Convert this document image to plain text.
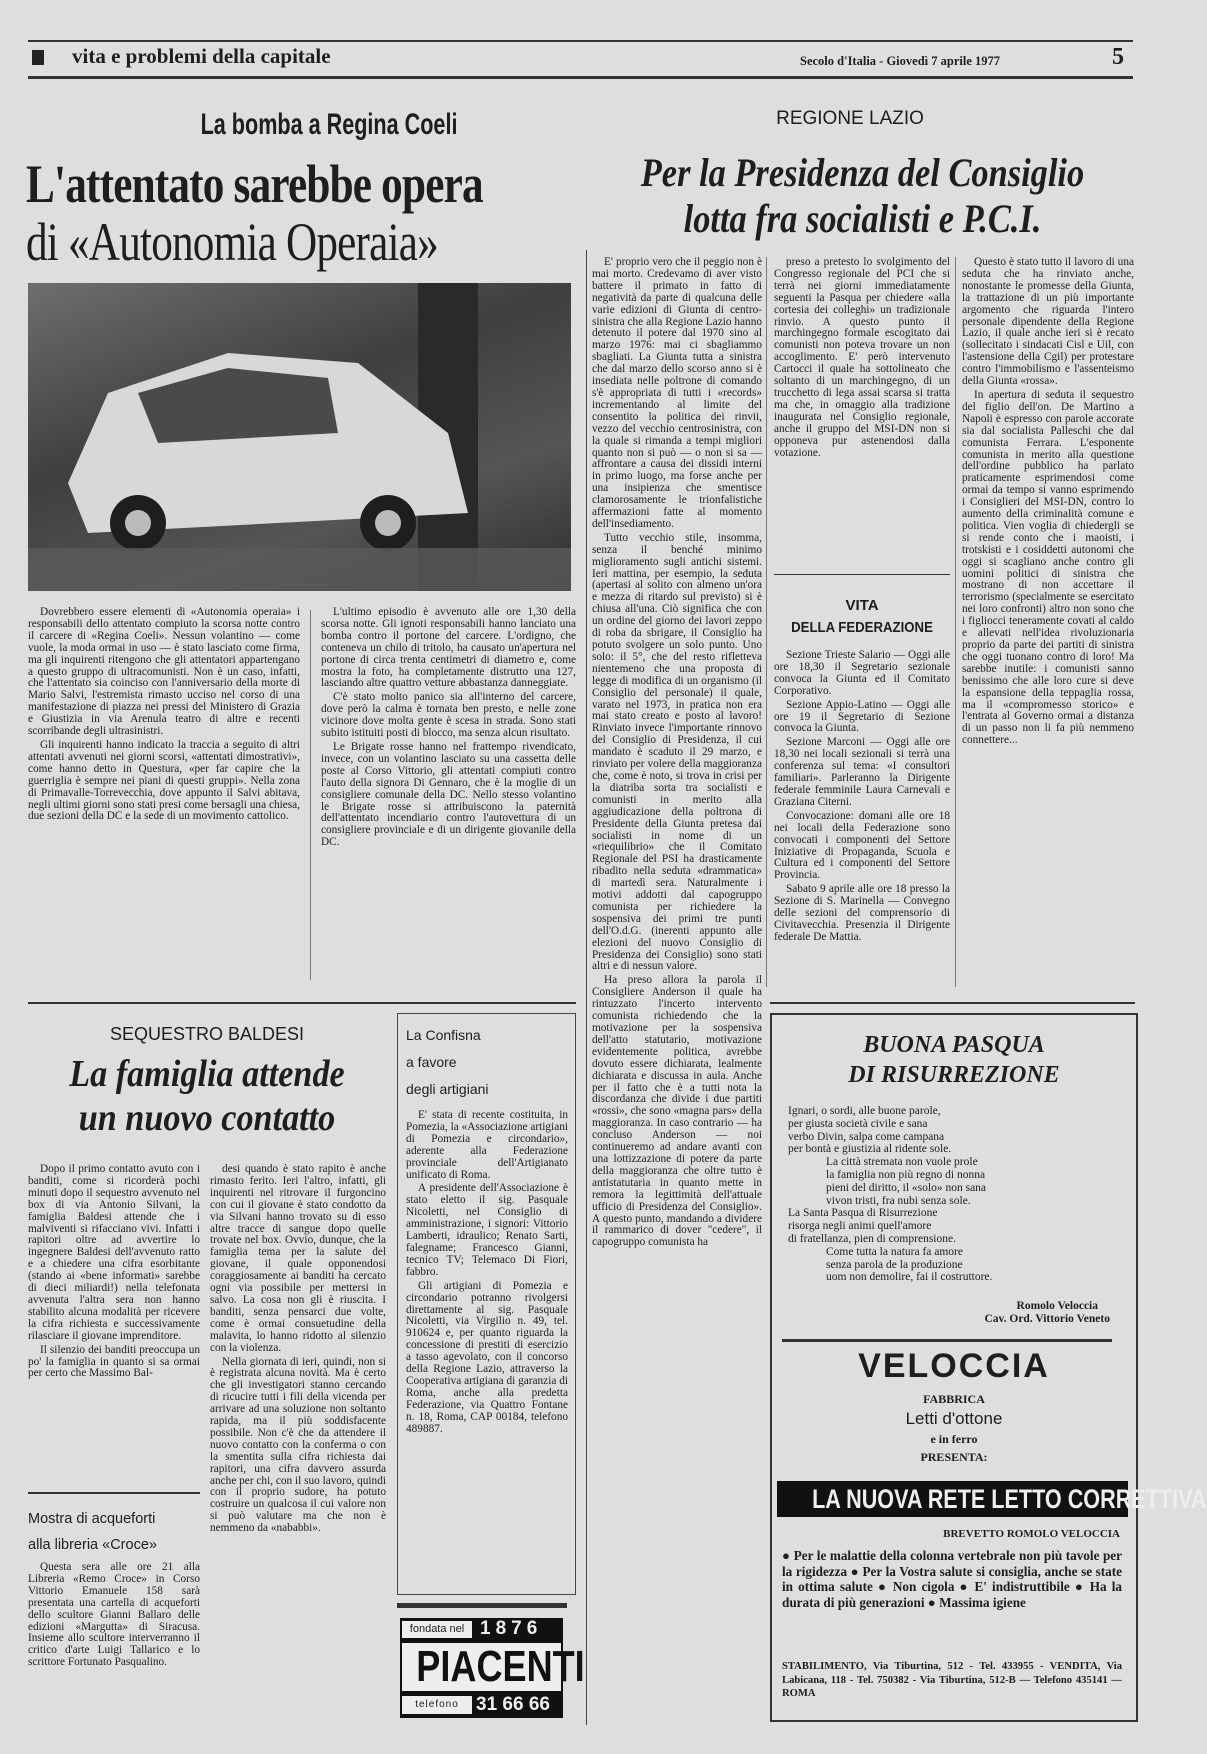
vita e problemi della capitale	Secolo d'Italia - Giovedì 7 aprile 1977	5
La bomba a Regina Coeli
L'attentato sarebbe opera
di «Autonomia Operaia»

Dovrebbero essere elementi di «Autonomia operaia» i responsabili dello attentato compiuto la scorsa notte contro il carcere di «Regina Coeli». Nessun volantino — come vuole, la moda ormai in uso — è stato lasciato come firma, ma gli inquirenti ritengono che gli attentatori appartengano a questo gruppo di ultracomunisti. Non è un caso, infatti, che l'attentato sia coinciso con l'anniversario della morte di Mario Salvi, l'estremista rimasto ucciso nel corso di una manifestazione di piazza nei pressi del Ministero di Grazia e Giustizia in via Arenula teatro di altre e recenti scorribande degli ultrasinistri.

Gli inquirenti hanno indicato la traccia a seguito di altri attentati avvenuti nei giorni scorsi, «attentati dimostrativi», come hanno detto in Questura, «per far capire che la guerriglia è sempre nei piani di questi gruppi». Nella zona di Primavalle-Torrevecchia, dove appunto il Salvi abitava, negli ultimi giorni sono stati presi come bersagli una chiesa, due sezioni della DC e la sede di un movimento cattolico.

L'ultimo episodio è avvenuto alle ore 1,30 della scorsa notte. Gli ignoti responsabili hanno lanciato una bomba contro il portone del carcere. L'ordigno, che conteneva un chilo di tritolo, ha causato un'apertura nel portone di circa trenta centimetri di diametro e, come mostra la foto, ha completamente distrutto una 127, lasciando altre quattro vetture abbastanza danneggiate.

C'è stato molto panico sia all'interno del carcere, dove però la calma è tornata ben presto, e nelle zone vicinore dove molta gente è scesa in strada. Sono stati subito istituiti posti di blocco, ma senza alcun risultato.

Le Brigate rosse hanno nel frattempo rivendicato, invece, con un volantino lasciato su una cassetta delle poste al Corso Vittorio, gli attentati compiuti contro l'auto della signora Di Gennaro, che è la moglie di un consigliere comunale della DC. Nello stesso volantino le Brigate rosse si attribuiscono la paternità dell'attentato incendiario contro l'autovettura di un consigliere provinciale e di un dirigente giovanile della DC.

REGIONE LAZIO
Per la Presidenza del Consiglio
lotta fra socialisti e P.C.I.

E' proprio vero che il peggio non è mai morto. Credevamo di aver visto battere il primato in fatto di negatività da parte di qualcuna delle varie edizioni di Giunta di centro-sinistra che alla Regione Lazio hanno detenuto il potere dal 1970 sino al marzo 1976: mai ci sbagliammo sbagliati. La Giunta tutta a sinistra che dal marzo dello scorso anno si è insediata nelle poltrone di comando s'è appropriata di tutti i «records» incrementando al limite del consentito la politica dei rinvii, vezzo del vecchio centrosinistra, con la quale si rimanda a tempi migliori quanto non si può — o non si sa — affrontare a causa dei dissidi interni in primo luogo, ma forse anche per una insipienza che smentisce clamorosamente le trionfalistiche affermazioni fatte al momento dell'insediamento.

Tutto vecchio stile, insomma, senza il benché minimo miglioramento sugli antichi sistemi. Ieri mattina, per esempio, la seduta (apertasi al solito con almeno un'ora e mezza di ritardo sul previsto) si è chiusa all'una. Ciò significa che con un ordine del giorno dei lavori zeppo di roba da sbrigare, il Consiglio ha potuto svolgere un solo punto. Uno solo: il 5°, che del resto rifletteva nientemeno che una proposta di legge di modifica di un organismo (il Consiglio del personale) il quale, varato nel 1973, in pratica non era mai stato creato e posto al lavoro! Rinviato invece l'importante rinnovo del Consiglio di Presidenza, il cui mandato è scaduto il 29 marzo, e rinviato per volere della maggioranza che, come è noto, si trova in crisi per la diatriba sorta tra socialisti e comunisti in merito alla aggiudicazione della poltrona di Presidente della Giunta pretesa dai socialisti in nome di un «riequilibrio» che il Comitato Regionale del PSI ha drasticamente ribadito nella seduta «drammatica» di martedì sera. Naturalmente i motivi addotti dal capogruppo comunista per richiedere la sospensiva dei primi tre punti dell'O.d.G. (inerenti appunto alle elezioni del nuovo Consiglio di Presidenza dei Consiglio) sono stati altri e di nessun valore.

Ha preso allora la parola il Consigliere Anderson il quale ha rintuzzato l'incerto intervento comunista richiedendo che la motivazione per la sospensiva dell'atto statutario, motivazione evidentemente politica, avrebbe dovuto essere dichiarata, lealmente dichiarata e discussa in aula. Anche per il fatto che è a tutti nota la discordanza che divide i due partiti «rossi», che sono «magna pars» della maggioranza. In caso contrario — ha concluso Anderson — noi continueremo ad andare avanti con una lottizzazione di potere da parte della maggioranza che oltre tutto è antistatutaria in quanto mette in remora la legittimità dell'attuale ufficio di Presidenza del Consiglio». A questo punto, mandando a dividere il rammarico di dover "cedere", il capogruppo comunista ha

preso a pretesto lo svolgimento del Congresso regionale del PCI che si terrà nei giorni immediatamente seguenti la Pasqua per chiedere «alla cortesia dei colleghi» un tradizionale rinvio. A questo punto il marchingegno formale escogitato dai comunisti non poteva trovare un non accoglimento. E' però intervenuto Cartocci il quale ha sottolineato che soltanto di un marchingegno, di un trucchetto di lega assai scarsa si tratta ma che, in omaggio alla tradizione inaugurata nel Consiglio regionale, anche il gruppo del MSI-DN non si opponeva pur astenendosi dalla votazione.

Questo è stato tutto il lavoro di una seduta che ha rinviato anche, nonostante le promesse della Giunta, la trattazione di un più importante argomento che riguarda l'intero personale dipendente della Regione Lazio, il quale anche ieri si è recato (sollecitato i sindacati Cisl e Uil, con l'astensione della Cgil) per protestare contro l'immobilismo e l'assenteismo della Giunta «rossa».

In apertura di seduta il sequestro del figlio dell'on. De Martino a Napoli è espresso con parole accorate sia dal socialista Palleschi che dal comunista Ferrara. L'esponente comunista in merito alla questione dell'ordine pubblico ha parlato praticamente esprimendosi come ormai da tempo si vanno esprimendo i Consiglieri del MSI-DN, contro lo aumento della criminalità comune e politica. Vien voglia di chiedergli se si rende conto che i maoisti, i trotskisti e i cosiddetti autonomi che oggi si scagliano anche contro gli uomini politici di sinistra che mostrano di non accettare il terrorismo (specialmente se esercitato nei loro confronti) altro non sono che i figliocci teneramente covati al caldo e allevati nell'idea rivoluzionaria proprio da parte dei partiti di sinistra che oggi tuonano contro di loro! Ma sarebbe inutile: i comunisti sanno benissimo che alle loro cure si deve la espansione della teppaglia rossa, ma il «compromesso storico» e l'entrata al Governo ormai a distanza di un passo non li fa più nemmeno connettere...

VITA
DELLA FEDERAZIONE

Sezione Trieste Salario — Oggi alle ore 18,30 il Segretario sezionale convoca la Giunta ed il Comitato Corporativo.

Sezione Appio-Latino — Oggi alle ore 19 il Segretario di Sezione convoca la Giunta.

Sezione Marconi — Oggi alle ore 18,30 nei locali sezionali si terrà una conferenza sul tema: «I consultori familiari». Parleranno la Dirigente federale femminile Laura Carnevali e Graziana Citerni.

Convocazione: domani alle ore 18 nei locali della Federazione sono convocati i componenti del Settore Iniziative di Propaganda, Scuola e Cultura ed i componenti del Settore Provincia.

Sabato 9 aprile alle ore 18 presso la Sezione di S. Marinella — Convegno delle sezioni del comprensorio di Civitavecchia. Presenzia il Dirigente federale De Mattia.

SEQUESTRO BALDESI
La famiglia attende
un nuovo contatto

Dopo il primo contatto avuto con i banditi, come si ricorderà pochi minuti dopo il sequestro avvenuto nel box di via Antonio Silvani, la famiglia Baldesi attende che i malviventi si rifacciano vivi. Infatti i rapitori oltre ad avvertire lo ingegnere Baldesi dell'avvenuto ratto e a chiedere una cifra esorbitante (stando ai «bene informati» sarebbe di dieci miliardi!) nella telefonata avvenuta l'altra sera non hanno stabilito alcuna modalità per ricevere la cifra richiesta e successivamente rilasciare il giovane imprenditore.

Il silenzio dei banditi preoccupa un po' la famiglia in quanto si sa ormai per certo che Massimo Bal-

desi quando è stato rapito è anche rimasto ferito. Ieri l'altro, infatti, gli inquirenti nel ritrovare il furgoncino con cui il giovane è stato condotto da via Silvani hanno trovato su di esso altre tracce di sangue dopo quelle trovate nel box. Ovvio, dunque, che la famiglia tema per la salute del giovane, il quale opponendosi coraggiosamente ai banditi ha cercato ogni via possibile per mettersi in salvo. La cosa non gli è riuscita. I banditi, senza pensarci due volte, come è ormai consuetudine della malavita, lo hanno ridotto al silenzio con la violenza.

Nella giornata di ieri, quindi, non si è registrata alcuna novità. Ma è certo che gli investigatori stanno cercando di ricucire tutti i fili della vicenda per arrivare ad una soluzione non soltanto rapida, ma il più soddisfacente possibile. Non c'è che da attendere il nuovo contatto con la conferma o con la smentita sulla cifra richiesta dai rapitori, una cifra davvero assurda anche per chi, con il suo lavoro, quindi con il proprio sudore, ha potuto costruire un qualcosa il cui valore non si può valutare ma che non è nemmeno da «nababbi».

Mostra di acqueforti
alla libreria «Croce»

Questa sera alle ore 21 alla Libreria «Remo Croce» in Corso Vittorio Emanuele 158 sarà presentata una cartella di acqueforti dello scultore Gianni Ballaro delle edizioni «Margutta» di Siracusa. Insieme allo scultore interverranno il critico d'arte Luigi Tallarico e lo scrittore Fortunato Pasqualino.

La Confisna
a favore
degli artigiani

E' stata di recente costituita, in Pomezia, la «Associazione artigiani di Pomezia e circondario», aderente alla Federazione provinciale dell'Artigianato unificato di Roma.

A presidente dell'Associazione è stato eletto il sig. Pasquale Nicoletti, nel Consiglio di amministrazione, i signori: Vittorio Lamberti, idraulico; Renato Sarti, falegname; Francesco Gianni, tecnico TV; Telemaco Di Fiori, fabbro.

Gli artigiani di Pomezia e circondario potranno rivolgersi direttamente al sig. Pasquale Nicoletti, via Virgilio n. 49, tel. 910624 e, per quanto riguarda la concessione di prestiti di esercizio a tasso agevolato, con il concorso della Regione Lazio, attraverso la Cooperativa artigiana di garanzia di Roma, anche alla predetta Federazione, via Quattro Fontane n. 18, Roma, CAP 00184, telefono 489887.

fondata nel 1876
PIACENTI
telefono 31 66 66
BUONA PASQUA
DI RISURREZIONE
Ignari, o sordi, alle buone parole,
per giusta società civile e sana
verbo Divin, salpa come campana
per bontà e giustizia al ridente sole.
La città stremata non vuole prole
la famiglia non più regno di nonna
pieni del diritto, il «solo» non sana
vivon tristi, fra nubi senza sole.
La Santa Pasqua di Risurrezione
risorga negli animi quell'amore
di fratellanza, pien di comprensione.
Come tutta la natura fa amore
senza parola de la produzione
uom non demolire, fai il costruttore.
Romolo Veloccia
Cav. Ord. Vittorio Veneto
VELOCCIA
FABBRICA
Letti d'ottone
e in ferro
PRESENTA:
LA NUOVA RETE LETTO CORRETTIVA
BREVETTO ROMOLO VELOCCIA
● Per le malattie della colonna vertebrale non più tavole per la rigidezza ● Per la Vostra salute si consiglia, anche se state in ottima salute ● Non cigola ● E' indistruttibile ● Ha la durata di più generazioni ● Massima igiene
STABILIMENTO, Via Tiburtina, 512 - Tel. 433955 - VENDITA, Via Labicana, 118 - Tel. 750382 - Via Tiburtina, 512-B — Telefono 435141 — ROMA
